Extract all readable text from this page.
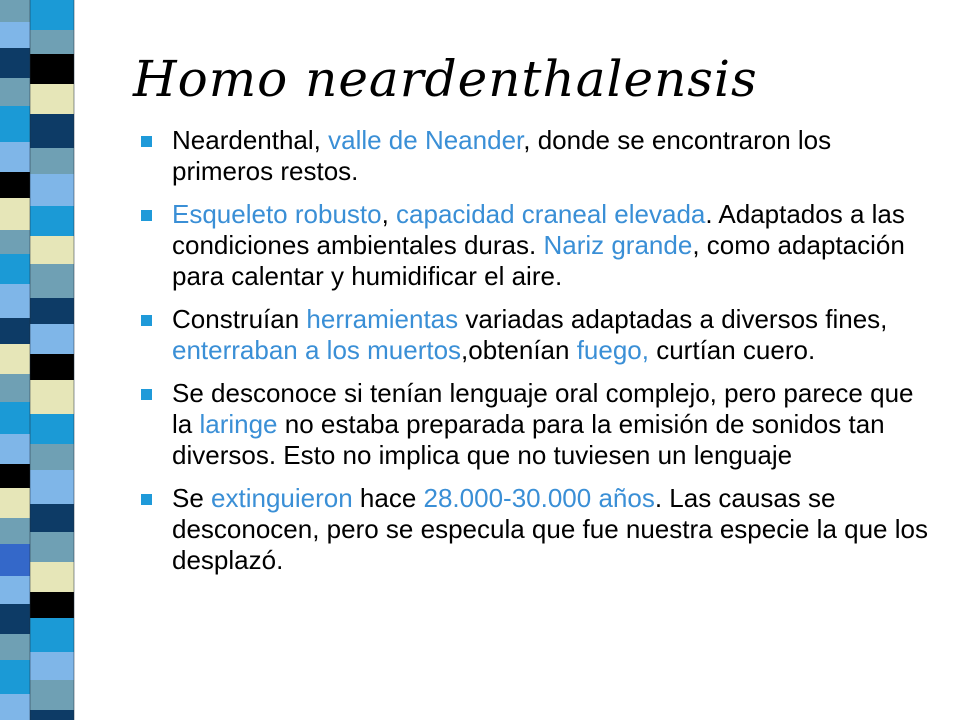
Homo neardenthalensis
Neardenthal, valle de Neander, donde se encontraron los primeros restos.
Esqueleto robusto, capacidad craneal elevada. Adaptados a las condiciones ambientales duras. Nariz grande, como adaptación para calentar y humidificar el aire.
Construían herramientas variadas adaptadas a diversos fines, enterraban a los muertos,obtenían fuego, curtían cuero.
Se desconoce si tenían lenguaje oral complejo, pero parece que la laringe no estaba preparada para la emisión de sonidos tan diversos. Esto no implica que no tuviesen un lenguaje
Se extinguieron hace 28.000-30.000 años. Las causas se desconocen, pero se especula que fue nuestra especie la que los desplazó.
